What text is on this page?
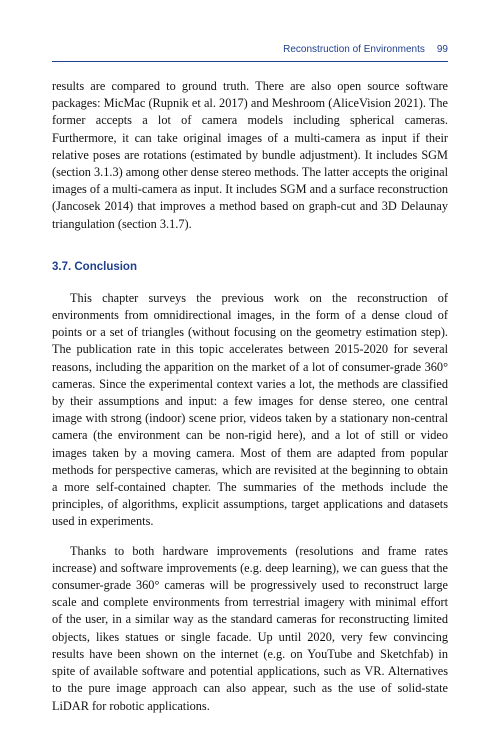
Reconstruction of Environments 99

results are compared to ground truth. There are also open source software packages: MicMac (Rupnik et al. 2017) and Meshroom (AliceVision 2021). The former accepts a lot of camera models including spherical cameras. Furthermore, it can take original images of a multi-camera as input if their relative poses are rotations (estimated by bundle adjustment). It includes SGM (section 3.1.3) among other dense stereo methods. The latter accepts the original images of a multi-camera as input. It includes SGM and a surface reconstruction (Jancosek 2014) that improves a method based on graph-cut and 3D Delaunay triangulation (section 3.1.7).

3.7. Conclusion

This chapter surveys the previous work on the reconstruction of environments from omnidirectional images, in the form of a dense cloud of points or a set of triangles (without focusing on the geometry estimation step). The publication rate in this topic accelerates between 2015-2020 for several reasons, including the apparition on the market of a lot of consumer-grade 360° cameras. Since the experimental context varies a lot, the methods are classified by their assumptions and input: a few images for dense stereo, one central image with strong (indoor) scene prior, videos taken by a stationary non-central camera (the environment can be non-rigid here), and a lot of still or video images taken by a moving camera. Most of them are adapted from popular methods for perspective cameras, which are revisited at the beginning to obtain a more self-contained chapter. The summaries of the methods include the principles, of algorithms, explicit assumptions, target applications and datasets used in experiments.

Thanks to both hardware improvements (resolutions and frame rates increase) and software improvements (e.g. deep learning), we can guess that the consumer-grade 360° cameras will be progressively used to reconstruct large scale and complete environments from terrestrial imagery with minimal effort of the user, in a similar way as the standard cameras for reconstructing limited objects, likes statues or single facade. Up until 2020, very few convincing results have been shown on the internet (e.g. on YouTube and Sketchfab) in spite of available software and potential applications, such as VR. Alternatives to the pure image approach can also appear, such as the use of solid-state LiDAR for robotic applications.
